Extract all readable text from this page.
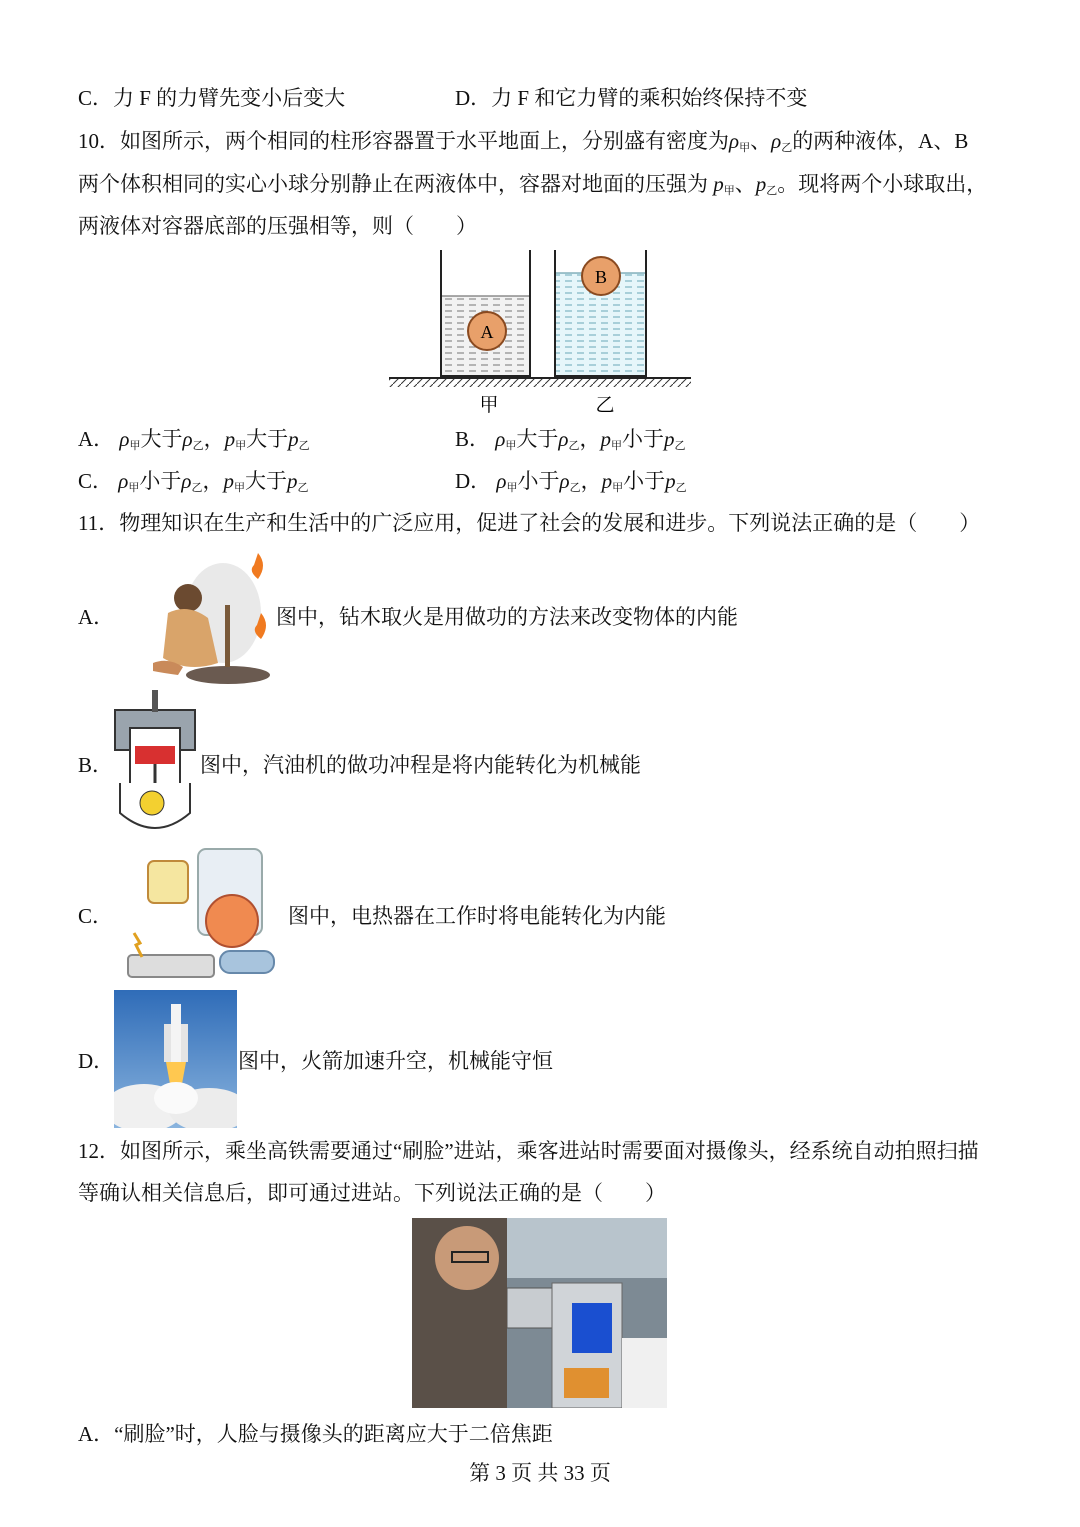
C．力 F 的力臂先变小后变大	D．力 F 和它力臂的乘积始终保持不变
10．如图所示，两个相同的柱形容器置于水平地面上，分别盛有密度为$\rho_甲$、$\rho_乙$的两种液体，A、B
两个体积相同的实心小球分别静止在两液体中，容器对地面的压强为 $p_甲$、$p_乙$。现将两个小球取出，
两液体对容器底部的压强相等，则（　　）
A
B
甲	乙
A． $\rho_甲$大于$\rho_乙$，$p_甲$大于$p_乙$	B． $\rho_甲$大于$\rho_乙$，$p_甲$小于$p_乙$
C． $\rho_甲$小于$\rho_乙$，$p_甲$大于$p_乙$	D． $\rho_甲$小于$\rho_乙$，$p_甲$小于$p_乙$
11．物理知识在生产和生活中的广泛应用，促进了社会的发展和进步。下列说法正确的是（　　）
A．	图中，钻木取火是用做功的方法来改变物体的内能
B．	图中，汽油机的做功冲程是将内能转化为机械能
C．	图中，电热器在工作时将电能转化为内能
D．	图中，火箭加速升空，机械能守恒
12．如图所示，乘坐高铁需要通过“刷脸”进站，乘客进站时需要面对摄像头，经系统自动拍照扫描
等确认相关信息后，即可通过进站。下列说法正确的是（　　）
A．“刷脸”时，人脸与摄像头的距离应大于二倍焦距
第 3 页 共 33 页
